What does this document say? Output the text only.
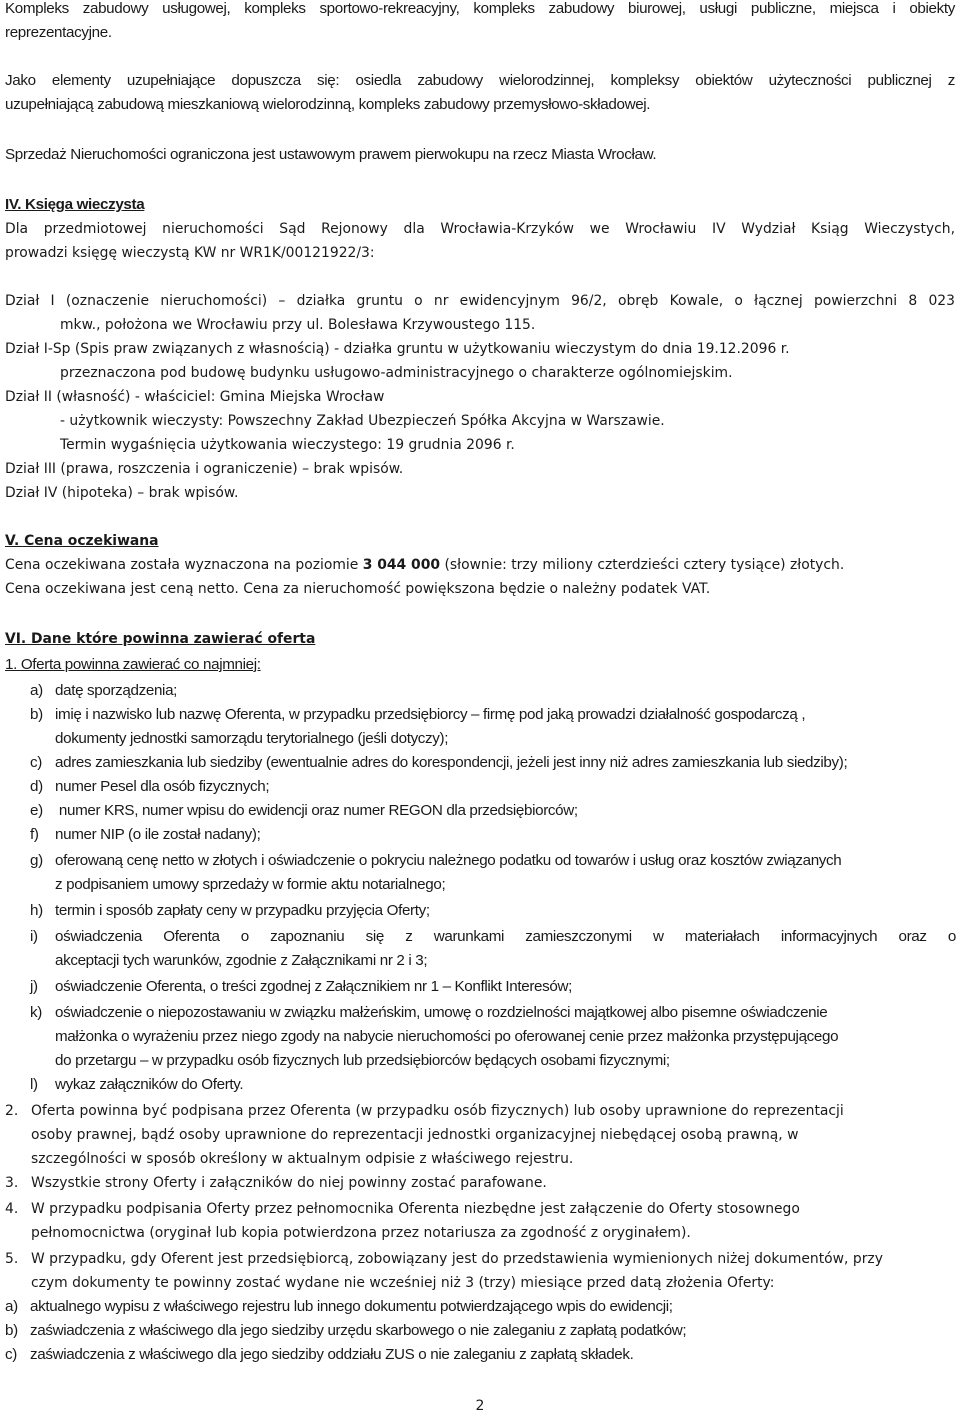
Kompleks zabudowy usługowej, kompleks sportowo-rekreacyjny, kompleks zabudowy biurowej, usługi publiczne, miejsca i obiekty
reprezentacyjne.
Jako elementy uzupełniające dopuszcza się: osiedla zabudowy wielorodzinnej, kompleksy obiektów użyteczności publicznej z
uzupełniającą zabudową mieszkaniową wielorodzinną, kompleks zabudowy przemysłowo-składowej.
Sprzedaż Nieruchomości ograniczona jest ustawowym prawem pierwokupu na rzecz Miasta Wrocław.
IV. Księga wieczysta
Dla przedmiotowej nieruchomości Sąd Rejonowy dla Wrocławia-Krzyków we Wrocławiu IV Wydział Ksiąg Wieczystych,
prowadzi księgę wieczystą KW nr WR1K/00121922/3:
Dział I (oznaczenie nieruchomości) – działka gruntu o nr ewidencyjnym 96/2, obręb Kowale, o łącznej powierzchni 8 023
mkw., położona we Wrocławiu przy ul. Bolesława Krzywoustego 115.
Dział I-Sp (Spis praw związanych z własnością) - działka gruntu w użytkowaniu wieczystym do dnia 19.12.2096 r.
przeznaczona pod budowę budynku usługowo-administracyjnego o charakterze ogólnomiejskim.
Dział II (własność) - właściciel: Gmina Miejska Wrocław
- użytkownik wieczysty: Powszechny Zakład Ubezpieczeń Spółka Akcyjna w Warszawie.
Termin wygaśnięcia użytkowania wieczystego: 19 grudnia 2096 r.
Dział III (prawa, roszczenia i ograniczenie) – brak wpisów.
Dział IV (hipoteka) – brak wpisów.
V. Cena oczekiwana
Cena oczekiwana została wyznaczona na poziomie 3 044 000 (słownie: trzy miliony czterdzieści cztery tysiące) złotych.
Cena oczekiwana jest ceną netto. Cena za nieruchomość powiększona będzie o należny podatek VAT.
VI. Dane które powinna zawierać oferta
1. Oferta powinna zawierać co najmniej:
a) datę sporządzenia;
b) imię i nazwisko lub nazwę Oferenta, w przypadku przedsiębiorcy – firmę pod jaką prowadzi działalność gospodarczą ,
dokumenty jednostki samorządu terytorialnego (jeśli dotyczy);
c) adres zamieszkania lub siedziby (ewentualnie adres do korespondencji, jeżeli jest inny niż adres zamieszkania lub siedziby);
d) numer Pesel dla osób fizycznych;
e) numer KRS, numer wpisu do ewidencji oraz numer REGON dla przedsiębiorców;
f) numer NIP (o ile został nadany);
g) oferowaną cenę netto w złotych i oświadczenie o pokryciu należnego podatku od towarów i usług oraz kosztów związanych
z podpisaniem umowy sprzedaży w formie aktu notarialnego;
h) termin i sposób zapłaty ceny w przypadku przyjęcia Oferty;
i) oświadczenia Oferenta o zapoznaniu się z warunkami zamieszczonymi w materiałach informacyjnych oraz o
akceptacji tych warunków, zgodnie z Załącznikami nr 2 i 3;
j) oświadczenie Oferenta, o treści zgodnej z Załącznikiem nr 1 – Konflikt Interesów;
k) oświadczenie o niepozostawaniu w związku małżeńskim, umowę o rozdzielności majątkowej albo pisemne oświadczenie
małżonka o wyrażeniu przez niego zgody na nabycie nieruchomości po oferowanej cenie przez małżonka przystępującego
do przetargu – w przypadku osób fizycznych lub przedsiębiorców będących osobami fizycznymi;
l) wykaz załączników do Oferty.
2. Oferta powinna być podpisana przez Oferenta (w przypadku osób fizycznych) lub osoby uprawnione do reprezentacji
osoby prawnej, bądź osoby uprawnione do reprezentacji jednostki organizacyjnej niebędącej osobą prawną, w
szczególności w sposób określony w aktualnym odpisie z właściwego rejestru.
3. Wszystkie strony Oferty i załączników do niej powinny zostać parafowane.
4. W przypadku podpisania Oferty przez pełnomocnika Oferenta niezbędne jest załączenie do Oferty stosownego
pełnomocnictwa (oryginał lub kopia potwierdzona przez notariusza za zgodność z oryginałem).
5. W przypadku, gdy Oferent jest przedsiębiorcą, zobowiązany jest do przedstawienia wymienionych niżej dokumentów, przy
czym dokumenty te powinny zostać wydane nie wcześniej niż 3 (trzy) miesiące przed datą złożenia Oferty:
a) aktualnego wypisu z właściwego rejestru lub innego dokumentu potwierdzającego wpis do ewidencji;
b) zaświadczenia z właściwego dla jego siedziby urzędu skarbowego o nie zaleganiu z zapłatą podatków;
c) zaświadczenia z właściwego dla jego siedziby oddziału ZUS o nie zaleganiu z zapłatą składek.
2
